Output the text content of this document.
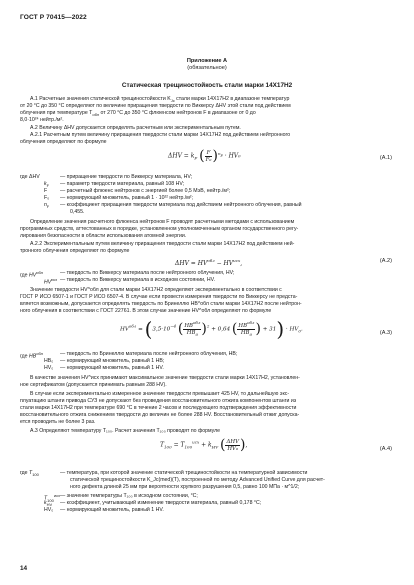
ГОСТ Р 70415—2022
Приложение А
(обязательное)
Статическая трещиностойкость стали марки 14Х17Н2
А.1 Расчетные значения статической трещиностойкости $K_{Jc}$ стали марки 14Х17Н2 в диапазоне температур
от 20 °С до 350 °С определяют по величине приращения твердости по Виккерсу ΔHV этой стали под действием
облучения при температуре $Т_{обл}$ от 270 °С до 350 °С флюенсом нейтронов F в диапазоне от 0 до
8,0·10²⁴ нейтр./м².
А.2 Величину ΔHV допускается определять расчетным или экспериментальным путем.
А.2.1 Расчетным путем величину приращения твердости стали марки 14Х17Н2 под действием нейтронного
облучения определяют по формуле
$\Delta HV = k_F$ ( $\frac{F}{\text{F₀}} )^{n_F} \cdot HV_0$	(А.1)
где ΔHV	— приращение твердости по Виккерсу материала, HV;
$k_F$ — параметр твердости материала, равный 108 HV;
F — расчетный флюенс нейтронов с энергией более 0,5 МэВ, нейтр./м²;
F₀ — нормирующий множитель, равный 1 · 10²² нейтр./м²;
$n_F$ — коэффициент приращения твердости материала под действием нейтронного облучения, равный
0,455.
Определение значения расчетного флюенса нейтронов F проводят расчетными методами с использованием
программных средств, аттестованных в порядке, установленном уполномоченным органом государственного регу-
лирования безопасности в области использования атомной энергии.
А.2.2 Экспериментальным путем величину приращения твердости стали марки 14Х17Н2 под действием ней-
тронного облучения определяют по формуле
$\Delta HV = HV^{обл} - HV^{исх}$,	(А.2)
где $HV^{обл}$	— твердость по Виккерсу материала после нейтронного облучения, HV;
$HV^{исх}$ — твердость по Виккерсу материала в исходном состоянии, HV.
Значение твердости HV^обл для стали марки 14Х17Н2 определяют экспериментально в соответствии с
ГОСТ Р ИСО 6507-1 и ГОСТ Р ИСО 6507-4. В случае если провести измерения твердости по Виккерсу не предста-
вляется возможным, допускается определять твердость по Бринеллю HB^обл стали марки 14Х17Н2 после нейтрон-
ного облучения в соответствии с ГОСТ 22761. В этом случае значение HV^обл определяют по формуле
$HV^{обл} = (3,5\cdot 10^{-4}$ ( $\frac{HB^{обл}}{HB_0} )^2 + 0,64$ ( $\frac{HB^{обл}}{HB_0}$ ) + $31) \cdot HV_0$.
(А.3)
где $HB^{обл}$	— твердость по Бринеллю материала после нейтронного облучения, HB;
HB₀ — нормирующий множитель, равный 1 HB;
HV₀ — нормирующий множитель, равный 1 HV.
В качестве значения HV^исх принимают максимальное значение твердости стали марки 14Х17Н2, установлен-
ное сертификатом (допускается принимать равным 288 HV).
В случае если экспериментально измеренное значение твердости превышает 425 HV, то дальнейшую экс-
плуатацию штанги привода СУЗ не допускают без проведения восстановительного отжига компонентов штанги из
стали марки 14Х17Н2 при температуре 690 °С в течение 2 часов и последующего подтверждения эффективности
восстановительного отжига снижением твердости до величин не более 288 HV. Восстановительный отжиг допуска-
ется проводить не более 3 раз.
А.3 Определяют температуру T₁₀₀. Расчет значения T₁₀₀ проводят по формуле
$T_{100} = T_{100}^{исх} + k_{HV}$ ( $\frac{\text{ΔHV}}{\text{HV₀}}$ ),
(А.4)
где $T_{100}$	— температура, при которой значение статической трещиностойкости на температурной зависимости
статической трещиностойкости K_Jc(med)(T), построенной по методу Advanced Unified Curve для расчет-
ного дефекта длиной 25 мм при вероятности хрупкого разрушения 0,5, равно 100 МПа · м^1/2;
$T_{100}^{исх}$ — значение температуры T₁₀₀ в исходном состоянии, °С;
$k_{HV}$ — коэффициент, учитывающий изменение твердости материала, равный 0,178 °С;
HV₀ — нормирующий множитель, равный 1 HV.
14
